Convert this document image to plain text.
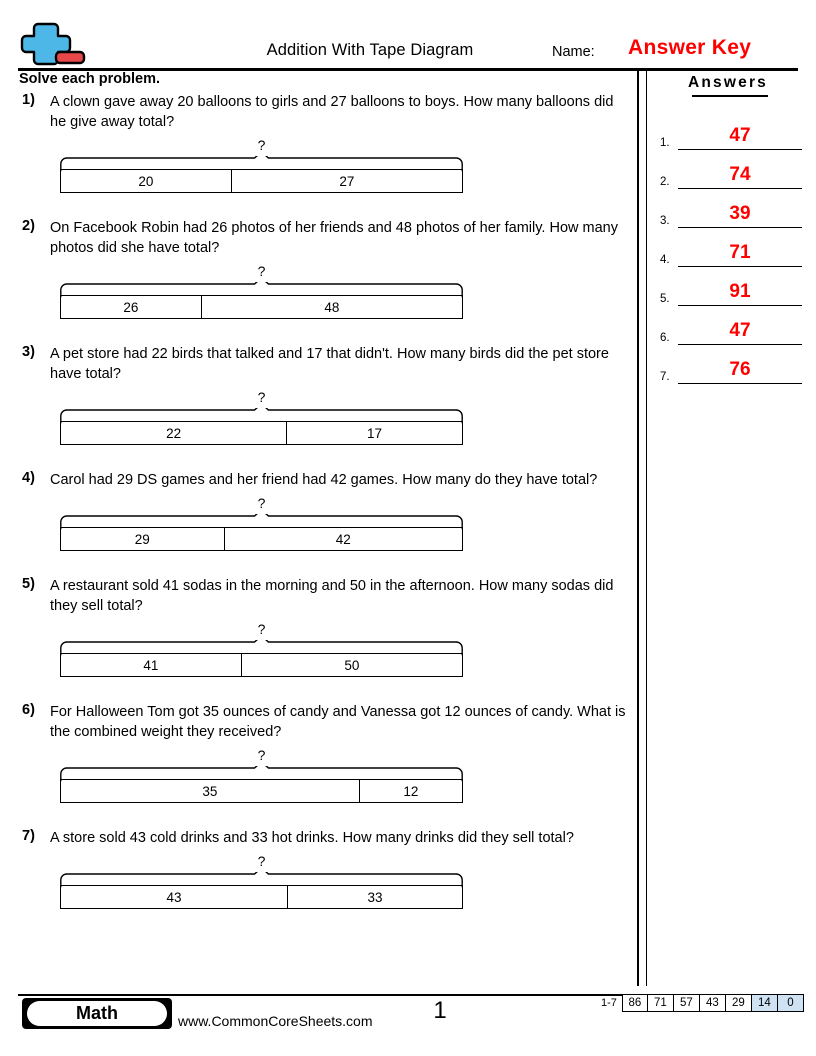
Addition With Tape Diagram	Name: Answer Key
Solve each problem.
1) A clown gave away 20 balloons to girls and 27 balloons to boys. How many balloons did he give away total?
?
20	27
2) On Facebook Robin had 26 photos of her friends and 48 photos of her family. How many photos did she have total?
?
26	48
3) A pet store had 22 birds that talked and 17 that didn't. How many birds did the pet store have total?
?
22	17
4) Carol had 29 DS games and her friend had 42 games. How many do they have total?
?
29	42
5) A restaurant sold 41 sodas in the morning and 50 in the afternoon. How many sodas did they sell total?
?
41	50
6) For Halloween Tom got 35 ounces of candy and Vanessa got 12 ounces of candy. What is the combined weight they received?
?
35	12
7) A store sold 43 cold drinks and 33 hot drinks. How many drinks did they sell total?
?
43	33
Answers
1.	47
2.	74
3.	39
4.	71
5.	91
6.	47
7.	76
Math	www.CommonCoreSheets.com	1	1-7	86	71	57	43	29	14	0
